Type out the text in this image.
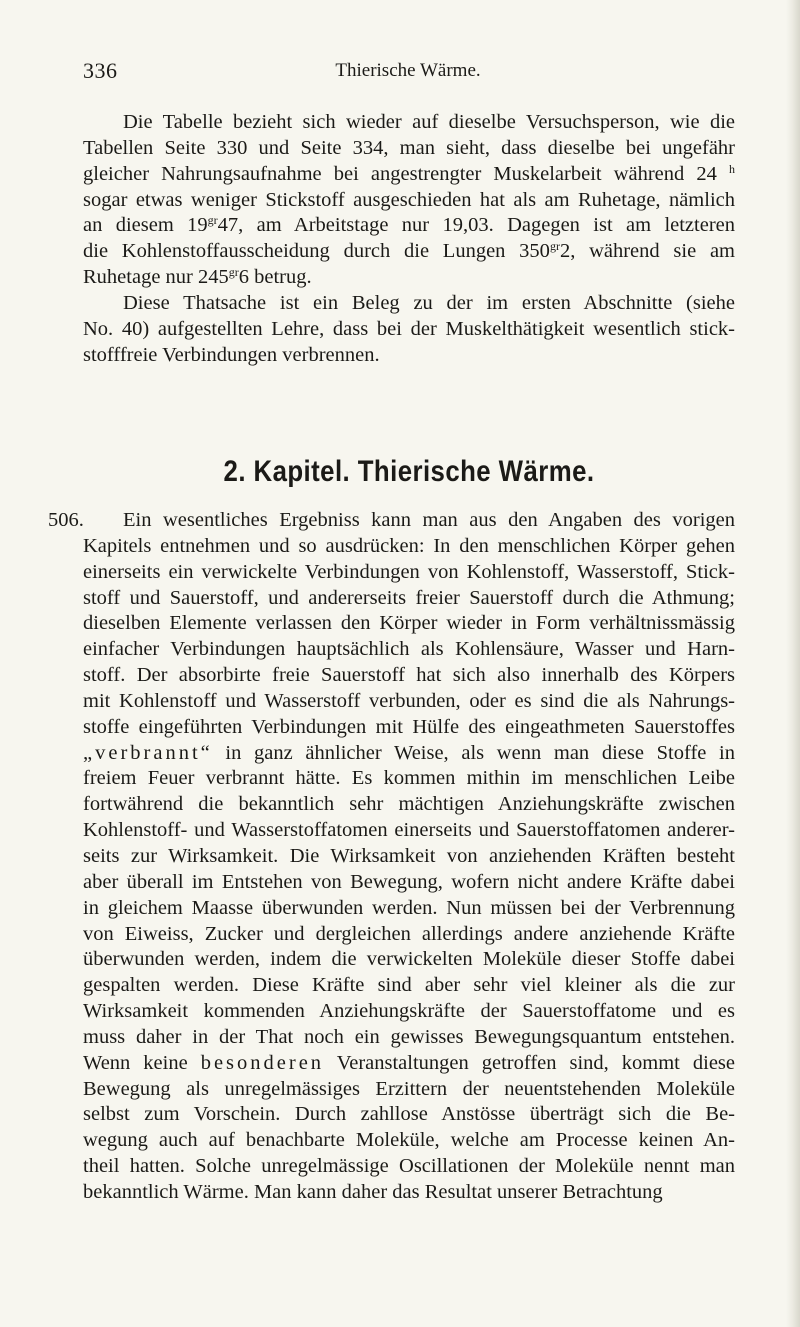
336	Thierische Wärme.
Die Tabelle bezieht sich wieder auf dieselbe Versuchsperson, wie die
Tabellen Seite 330 und Seite 334, man sieht, dass dieselbe bei ungefähr
gleicher Nahrungsaufnahme bei angestrengter Muskelarbeit während 24 $^h$
sogar etwas weniger Stickstoff ausgeschieden hat als am Ruhetage, nämlich
an diesem $19^{gr}47$, am Arbeitstage nur 19,03. Dagegen ist am letzteren
die Kohlenstoffausscheidung durch die Lungen $350^{gr}2$, während sie am
Ruhetage nur $245^{gr}6$ betrug.
Diese Thatsache ist ein Beleg zu der im ersten Abschnitte (siehe
No. 40) aufgestellten Lehre, dass bei der Muskelthätigkeit wesentlich stick-
stofffreie Verbindungen verbrennen.
2. Kapitel. Thierische Wärme.
506.	Ein wesentliches Ergebniss kann man aus den Angaben des vorigen
Kapitels entnehmen und so ausdrücken: In den menschlichen Körper gehen
einerseits ein verwickelte Verbindungen von Kohlenstoff, Wasserstoff, Stick-
stoff und Sauerstoff, und andererseits freier Sauerstoff durch die Athmung;
dieselben Elemente verlassen den Körper wieder in Form verhältnissmässig
einfacher Verbindungen hauptsächlich als Kohlensäure, Wasser und Harn-
stoff. Der absorbirte freie Sauerstoff hat sich also innerhalb des Körpers
mit Kohlenstoff und Wasserstoff verbunden, oder es sind die als Nahrungs-
stoffe eingeführten Verbindungen mit Hülfe des eingeathmeten Sauerstoffes
„verbrannt“ in ganz ähnlicher Weise, als wenn man diese Stoffe in
freiem Feuer verbrannt hätte. Es kommen mithin im menschlichen Leibe
fortwährend die bekanntlich sehr mächtigen Anziehungskräfte zwischen
Kohlenstoff- und Wasserstoffatomen einerseits und Sauerstoffatomen anderer-
seits zur Wirksamkeit. Die Wirksamkeit von anziehenden Kräften besteht
aber überall im Entstehen von Bewegung, wofern nicht andere Kräfte dabei
in gleichem Maasse überwunden werden. Nun müssen bei der Verbrennung
von Eiweiss, Zucker und dergleichen allerdings andere anziehende Kräfte
überwunden werden, indem die verwickelten Moleküle dieser Stoffe dabei
gespalten werden. Diese Kräfte sind aber sehr viel kleiner als die zur
Wirksamkeit kommenden Anziehungskräfte der Sauerstoffatome und es
muss daher in der That noch ein gewisses Bewegungsquantum entstehen.
Wenn keine besonderen Veranstaltungen getroffen sind, kommt diese
Bewegung als unregelmässiges Erzittern der neuentstehenden Moleküle
selbst zum Vorschein. Durch zahllose Anstösse überträgt sich die Be-
wegung auch auf benachbarte Moleküle, welche am Processe keinen An-
theil hatten. Solche unregelmässige Oscillationen der Moleküle nennt man
bekanntlich Wärme. Man kann daher das Resultat unserer Betrachtung
